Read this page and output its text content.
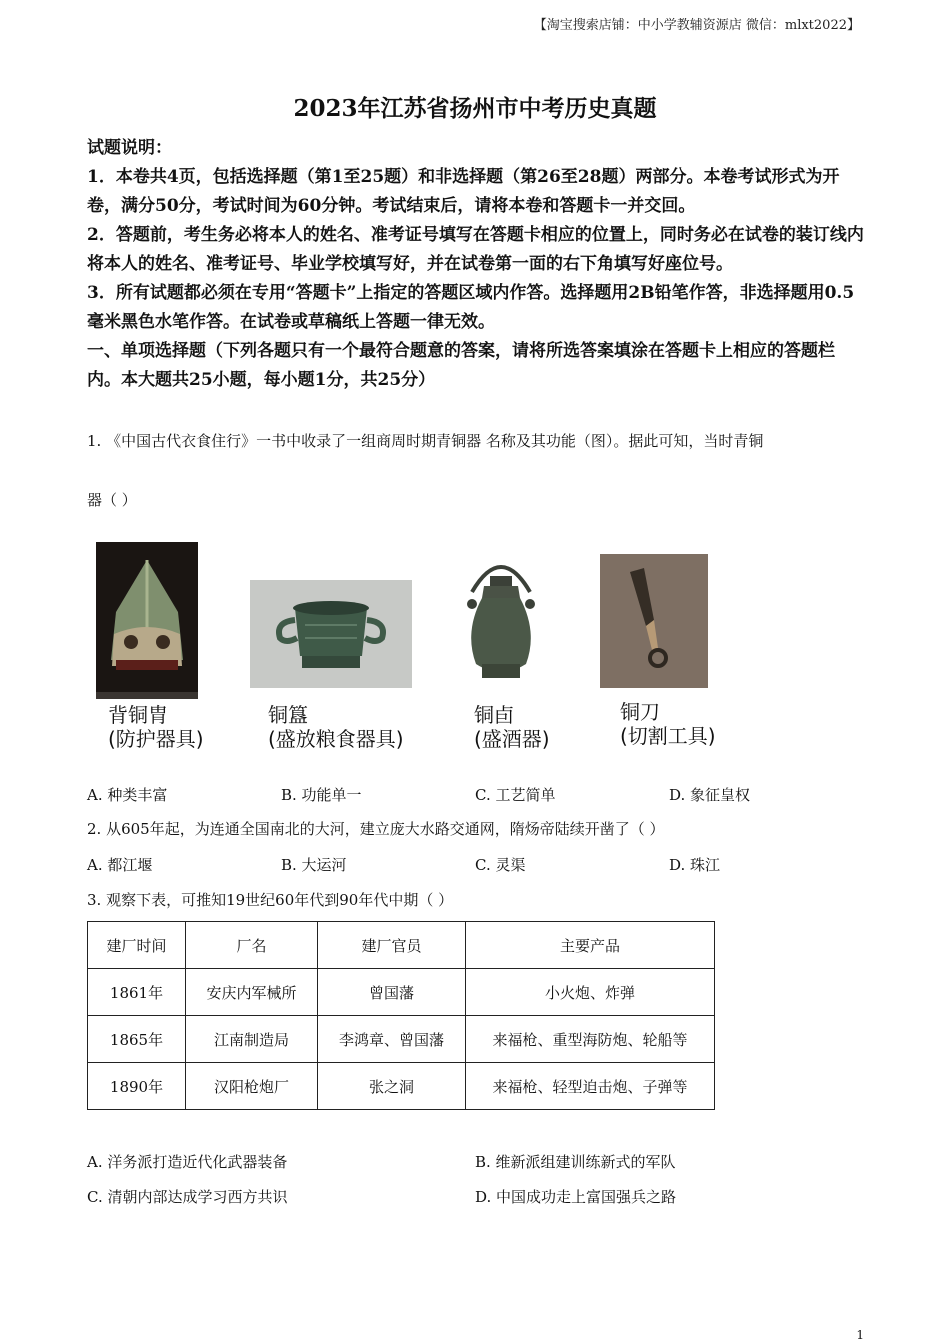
【淘宝搜索店铺：中小学教辅资源店 微信：mlxt2022】
2023年江苏省扬州市中考历史真题

试题说明：

1．本卷共4页，包括选择题（第1至25题）和非选择题（第26至28题）两部分。本卷考试形式为开卷，满分50分，考试时间为60分钟。考试结束后，请将本卷和答题卡一并交回。

2．答题前，考生务必将本人的姓名、准考证号填写在答题卡相应的位置上，同时务必在试卷的装订线内将本人的姓名、准考证号、毕业学校填写好，并在试卷第一面的右下角填写好座位号。

3．所有试题都必须在专用“答题卡”上指定的答题区域内作答。选择题用2B铅笔作答，非选择题用0.5毫米黑色水笔作答。在试卷或草稿纸上答题一律无效。

一、单项选择题（下列各题只有一个最符合题意的答案，请将所选答案填涂在答题卡上相应的答题栏内。本大题共25小题，每小题1分，共25分）

1. 《中国古代衣食住行》一书中收录了一组商周时期青铜器 名称及其功能（图）。据此可知，当时青铜
器（ ）
背铜胄
(防护器具)
铜簋
(盛放粮食器具)
铜卣
(盛酒器)
铜刀
(切割工具)
A. 种类丰富	B. 功能单一	C. 工艺简单	D. 象征皇权
2. 从605年起，为连通全国南北的大河，建立庞大水路交通网，隋炀帝陆续开凿了（ ）
A. 都江堰	B. 大运河	C. 灵渠	D. 珠江
3. 观察下表，可推知19世纪60年代到90年代中期（ ）
建厂时间	厂名	建厂官员	主要产品
1861年	安庆内军械所	曾国藩	小火炮、炸弹
1865年	江南制造局	李鸿章、曾国藩	来福枪、重型海防炮、轮船等
1890年	汉阳枪炮厂	张之洞	来福枪、轻型迫击炮、子弹等
A. 洋务派打造近代化武器装备	B. 维新派组建训练新式的军队
C. 清朝内部达成学习西方共识	D. 中国成功走上富国强兵之路
1
